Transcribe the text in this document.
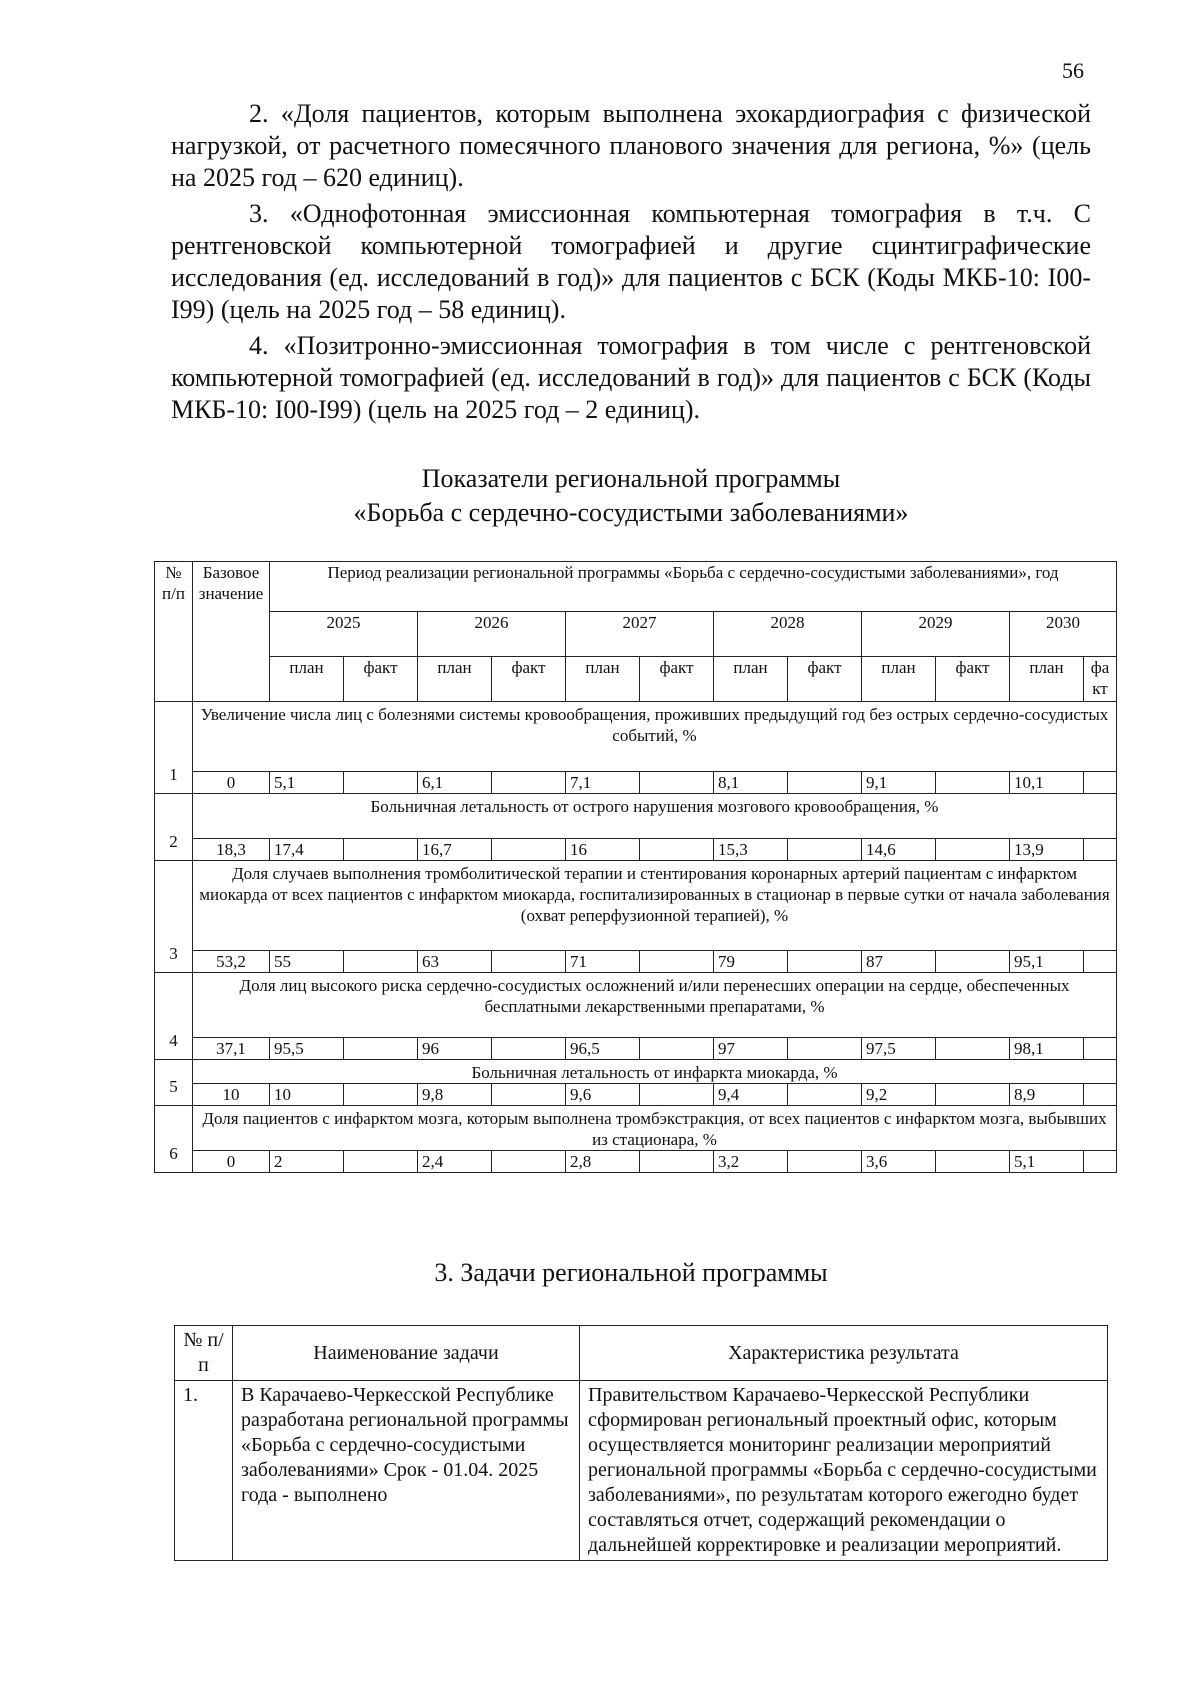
56

2. «Доля пациентов, которым выполнена эхокардиография с физической нагрузкой, от расчетного помесячного планового значения для региона, %» (цель на 2025 год – 620 единиц).

3. «Однофотонная эмиссионная компьютерная томография в т.ч. С рентгеновской компьютерной томографией и другие сцинтиграфические исследования (ед. исследований в год)» для пациентов с БСК (Коды МКБ-10: I00-I99) (цель на 2025 год – 58 единиц).

4. «Позитронно-эмиссионная томография в том числе с рентгеновской компьютерной томографией (ед. исследований в год)» для пациентов с БСК (Коды МКБ-10: I00-I99) (цель на 2025 год – 2 единиц).

Показатели региональной программы
«Борьба с сердечно-сосудистыми заболеваниями»
№ п/п	Базовое значение	Период реализации региональной программы «Борьба с сердечно-сосудистыми заболеваниями», год											
		2025		2026		2027		2028		2029		2030	
		план	факт	план	факт	план	факт	план	факт	план	факт	план	фа кт
1	Увеличение числа лиц с болезнями системы кровообращения, проживших предыдущий год без острых сердечно-сосудистых событий, %												
	0	5,1		6,1		7,1		8,1		9,1		10,1	
2	Больничная летальность от острого нарушения мозгового кровообращения, %												
	18,3	17,4		16,7		16		15,3		14,6		13,9	
3	Доля случаев выполнения тромболитической терапии и стентирования коронарных артерий пациентам с инфарктом миокарда от всех пациентов с инфарктом миокарда, госпитализированных в стационар в первые сутки от начала заболевания (охват реперфузионной терапией), %												
	53,2	55		63		71		79		87		95,1	
4	Доля лиц высокого риска сердечно-сосудистых осложнений и/или перенесших операции на сердце, обеспеченных бесплатными лекарственными препаратами, %												
	37,1	95,5		96		96,5		97		97,5		98,1	
5	Больничная летальность от инфаркта миокарда, %												
	10	10		9,8		9,6		9,4		9,2		8,9	
6	Доля пациентов с инфарктом мозга, которым выполнена тромбэкстракция, от всех пациентов с инфарктом мозга, выбывших из стационара, %												
	0	2		2,4		2,8		3,2		3,6		5,1	
3. Задачи региональной программы
№ п/п	Наименование задачи	Характеристика результата
1.	В Карачаево-Черкесской Республике разработана региональной программы «Борьба с сердечно-сосудистыми заболеваниями» Срок - 01.04. 2025 года - выполнено	Правительством Карачаево-Черкесской Республики сформирован региональный проектный офис, которым осуществляется мониторинг реализации мероприятий региональной программы «Борьба с сердечно-сосудистыми заболеваниями», по результатам которого ежегодно будет составляться отчет, содержащий рекомендации о дальнейшей корректировке и реализации мероприятий.
